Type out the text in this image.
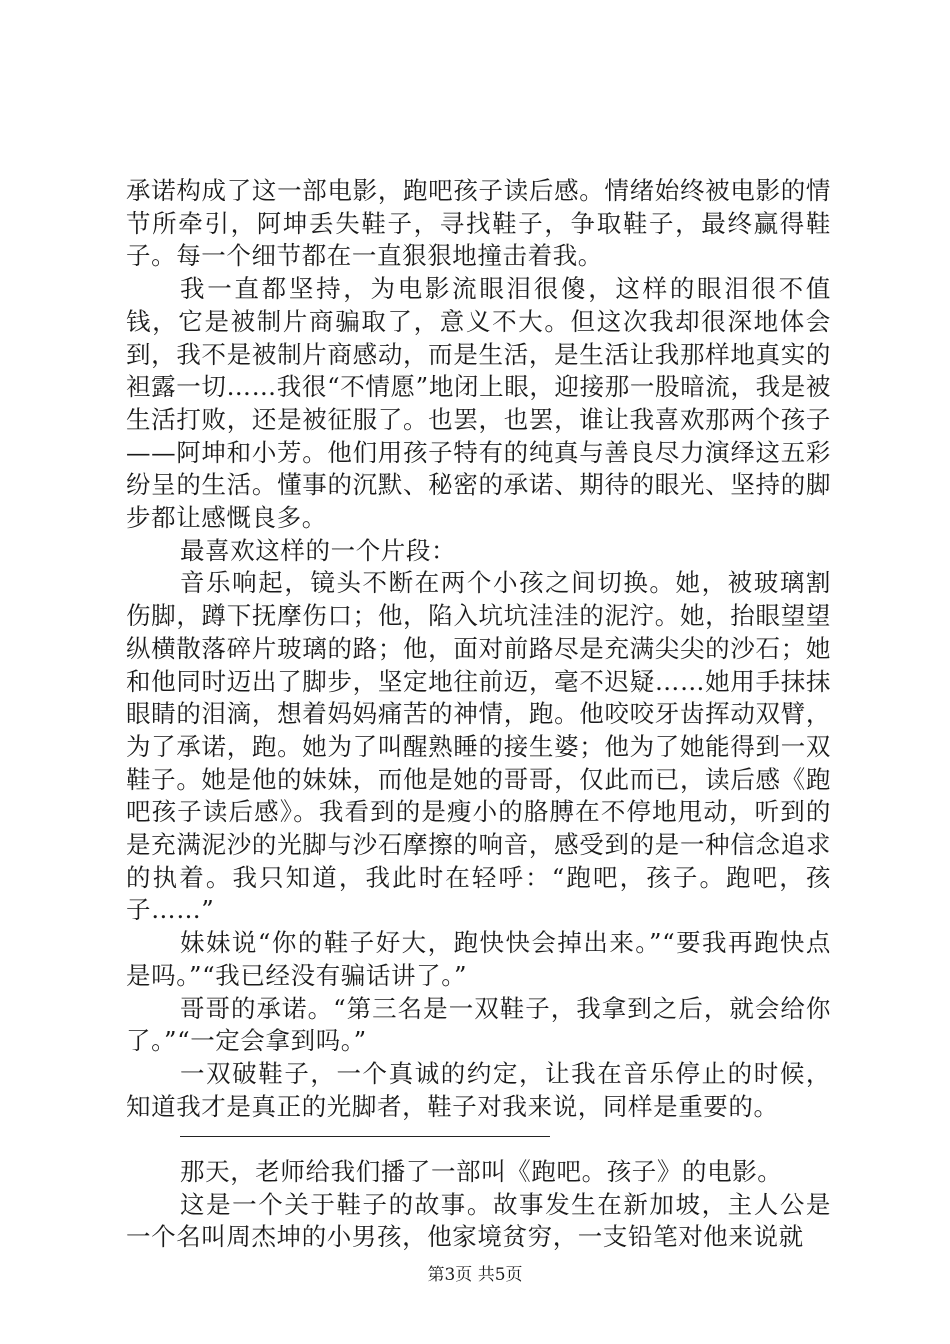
承诺构成了这一部电影，跑吧孩子读后感。情绪始终被电影的情节所牵引，阿坤丢失鞋子，寻找鞋子，争取鞋子，最终赢得鞋子。每一个细节都在一直狠狠地撞击着我。

我一直都坚持，为电影流眼泪很傻，这样的眼泪很不值钱，它是被制片商骗取了，意义不大。但这次我却很深地体会到，我不是被制片商感动，而是生活，是生活让我那样地真实的袒露一切……我很“不情愿”地闭上眼，迎接那一股暗流，我是被生活打败，还是被征服了。也罢，也罢，谁让我喜欢那两个孩子——阿坤和小芳。他们用孩子特有的纯真与善良尽力演绎这五彩纷呈的生活。懂事的沉默、秘密的承诺、期待的眼光、坚持的脚步都让感慨良多。

最喜欢这样的一个片段：

音乐响起，镜头不断在两个小孩之间切换。她，被玻璃割伤脚，蹲下抚摩伤口；他，陷入坑坑洼洼的泥泞。她，抬眼望望纵横散落碎片玻璃的路；他，面对前路尽是充满尖尖的沙石；她和他同时迈出了脚步，坚定地往前迈，毫不迟疑……她用手抹抹眼睛的泪滴，想着妈妈痛苦的神情，跑。他咬咬牙齿挥动双臂，为了承诺，跑。她为了叫醒熟睡的接生婆；他为了她能得到一双鞋子。她是他的妹妹，而他是她的哥哥，仅此而已，读后感《跑吧孩子读后感》。我看到的是瘦小的胳膊在不停地甩动，听到的是充满泥沙的光脚与沙石摩擦的响音，感受到的是一种信念追求的执着。我只知道，我此时在轻呼：“跑吧，孩子。跑吧，孩子……”

妹妹说“你的鞋子好大，跑快快会掉出来。”“要我再跑快点是吗。”“我已经没有骗话讲了。”

哥哥的承诺。“第三名是一双鞋子，我拿到之后，就会给你了。”“一定会拿到吗。”

一双破鞋子，一个真诚的约定，让我在音乐停止的时候，知道我才是真正的光脚者，鞋子对我来说，同样是重要的。

那天，老师给我们播了一部叫《跑吧。孩子》的电影。

这是一个关于鞋子的故事。故事发生在新加坡，主人公是一个名叫周杰坤的小男孩，他家境贫穷，一支铅笔对他来说就

第3页 共5页
